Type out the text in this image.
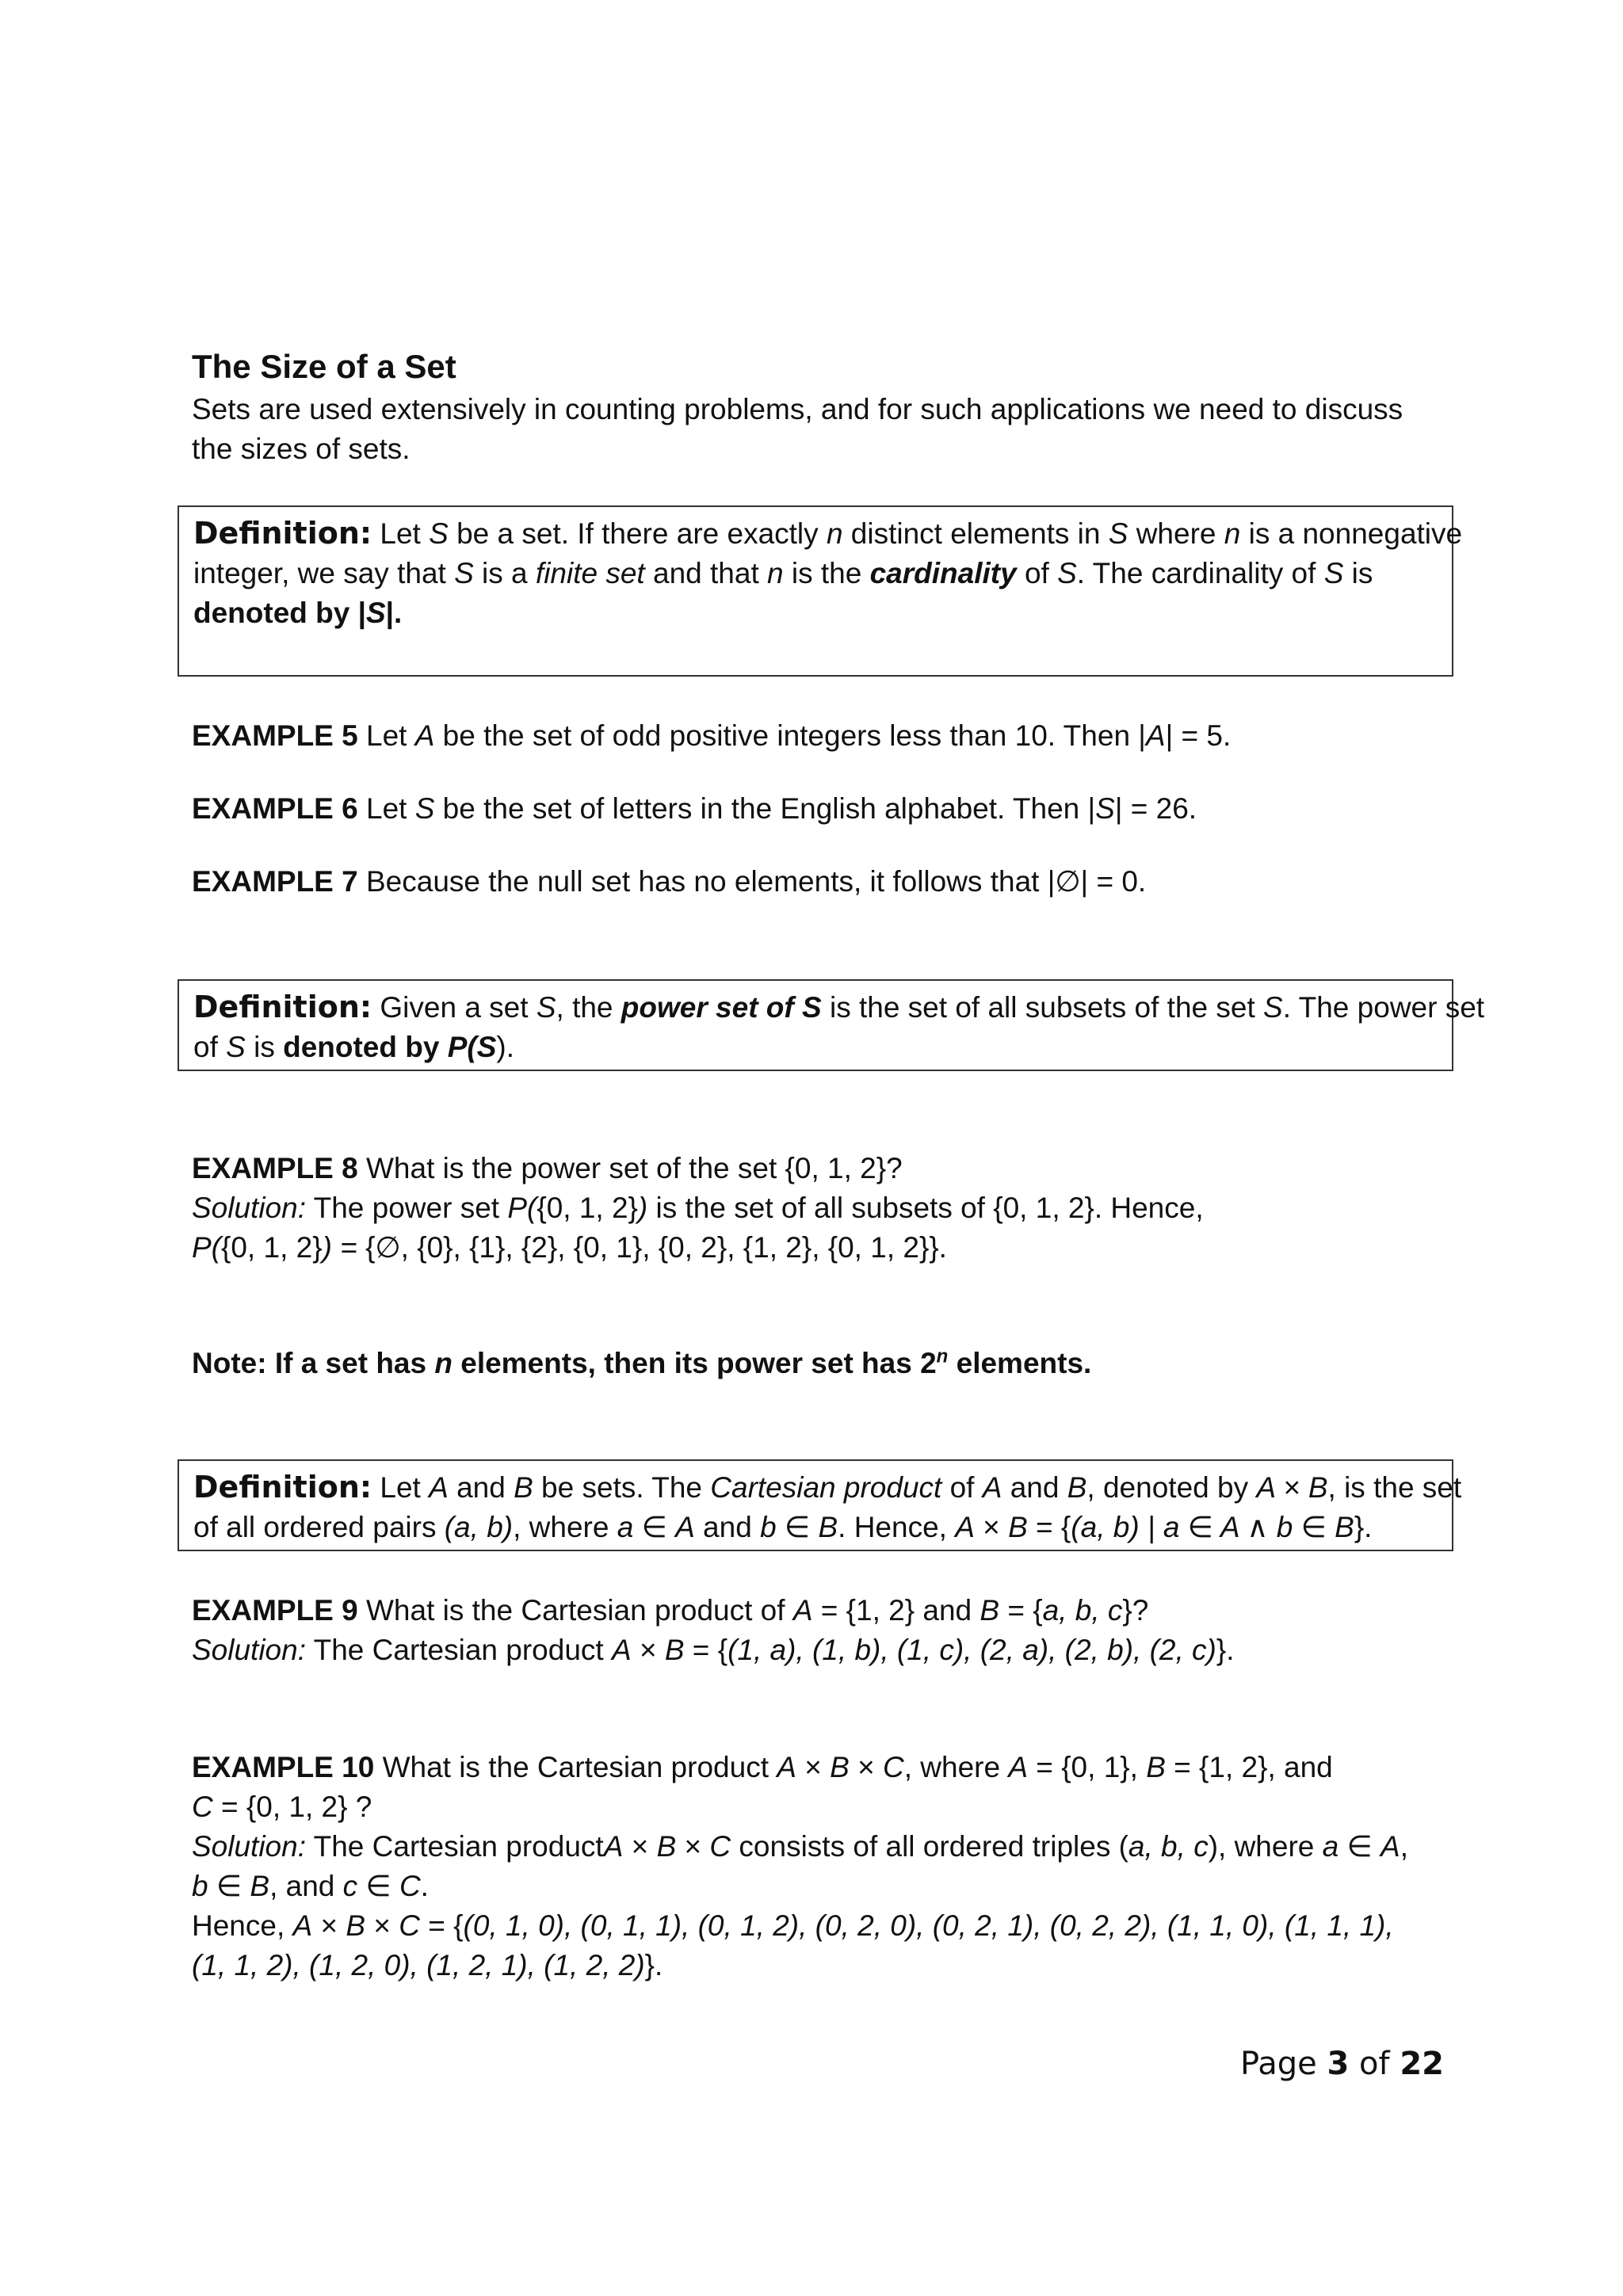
The Size of a Set
Sets are used extensively in counting problems, and for such applications we need to discuss
the sizes of sets.
Definition: Let S be a set. If there are exactly n distinct elements in S where n is a nonnegative
integer, we say that S is a finite set and that n is the cardinality of S. The cardinality of S is
denoted by |S|.
EXAMPLE 5 Let A be the set of odd positive integers less than 10. Then |A| = 5.
EXAMPLE 6 Let S be the set of letters in the English alphabet. Then |S| = 26.
EXAMPLE 7 Because the null set has no elements, it follows that |∅| = 0.
Definition: Given a set S, the power set of S is the set of all subsets of the set S. The power set
of S is denoted by P(S).
EXAMPLE 8 What is the power set of the set {0, 1, 2}?
Solution: The power set P({0, 1, 2}) is the set of all subsets of {0, 1, 2}. Hence,
P({0, 1, 2}) = {∅, {0}, {1}, {2}, {0, 1}, {0, 2}, {1, 2}, {0, 1, 2}}.
Note: If a set has n elements, then its power set has 2$^n$ elements.
Definition: Let A and B be sets. The Cartesian product of A and B, denoted by A × B, is the set
of all ordered pairs (a, b), where a ∈ A and b ∈ B. Hence, A × B = {(a, b) | a ∈ A ∧ b ∈ B}.
EXAMPLE 9 What is the Cartesian product of A = {1, 2} and B = {a, b, c}?
Solution: The Cartesian product A × B = {(1, a), (1, b), (1, c), (2, a), (2, b), (2, c)}.
EXAMPLE 10 What is the Cartesian product A × B × C, where A = {0, 1}, B = {1, 2}, and
C = {0, 1, 2} ?
Solution: The Cartesian productA × B × C consists of all ordered triples (a, b, c), where a ∈ A,
b ∈ B, and c ∈ C.
Hence, A × B × C = {(0, 1, 0), (0, 1, 1), (0, 1, 2), (0, 2, 0), (0, 2, 1), (0, 2, 2), (1, 1, 0), (1, 1, 1),
(1, 1, 2), (1, 2, 0), (1, 2, 1), (1, 2, 2)}.
Page 3 of 22
